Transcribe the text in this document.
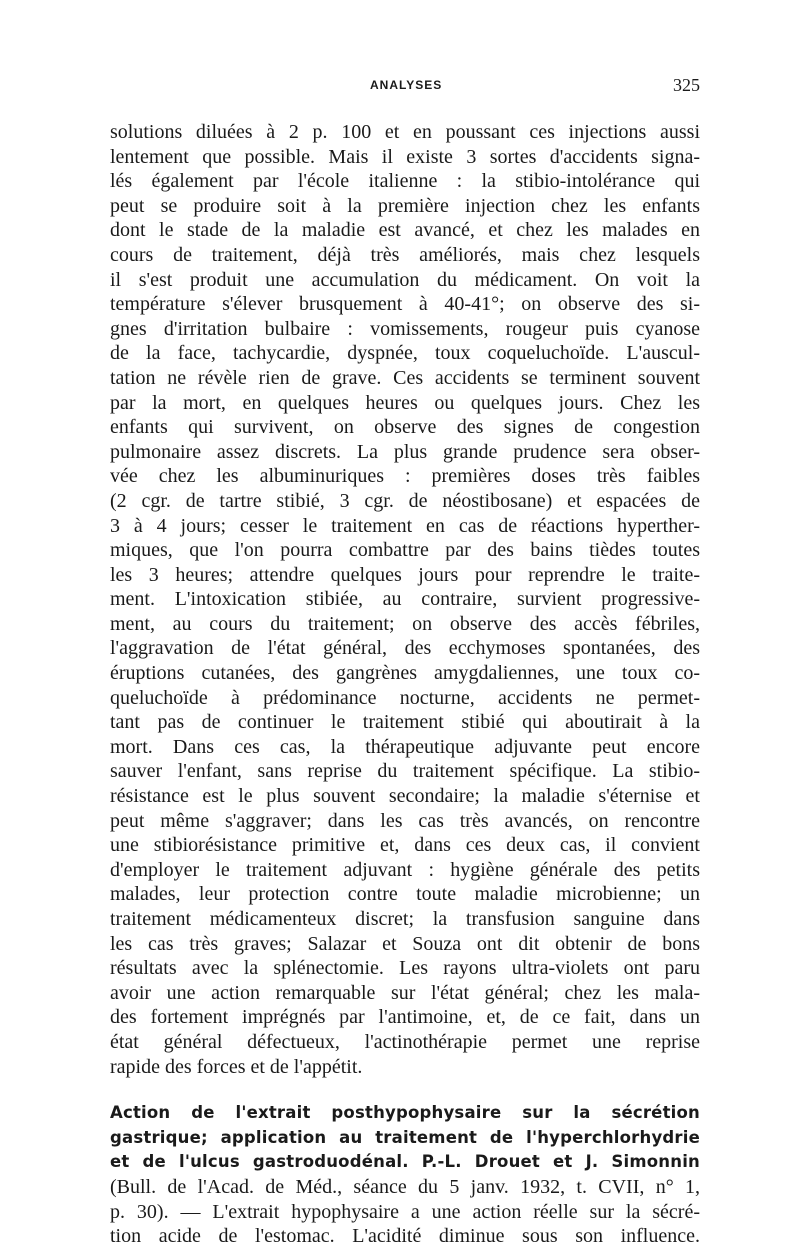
ANALYSES	325
solutions diluées à 2 p. 100 et en poussant ces injections aussi
lentement que possible. Mais il existe 3 sortes d'accidents signa-
lés également par l'école italienne : la stibio-intolérance qui
peut se produire soit à la première injection chez les enfants
dont le stade de la maladie est avancé, et chez les malades en
cours de traitement, déjà très améliorés, mais chez lesquels
il s'est produit une accumulation du médicament. On voit la
température s'élever brusquement à 40-41°; on observe des si-
gnes d'irritation bulbaire : vomissements, rougeur puis cyanose
de la face, tachycardie, dyspnée, toux coqueluchoïde. L'auscul-
tation ne révèle rien de grave. Ces accidents se terminent souvent
par la mort, en quelques heures ou quelques jours. Chez les
enfants qui survivent, on observe des signes de congestion
pulmonaire assez discrets. La plus grande prudence sera obser-
vée chez les albuminuriques : premières doses très faibles
(2 cgr. de tartre stibié, 3 cgr. de néostibosane) et espacées de
3 à 4 jours; cesser le traitement en cas de réactions hyperther-
miques, que l'on pourra combattre par des bains tièdes toutes
les 3 heures; attendre quelques jours pour reprendre le traite-
ment. L'intoxication stibiée, au contraire, survient progressive-
ment, au cours du traitement; on observe des accès fébriles,
l'aggravation de l'état général, des ecchymoses spontanées, des
éruptions cutanées, des gangrènes amygdaliennes, une toux co-
queluchoïde à prédominance nocturne, accidents ne permet-
tant pas de continuer le traitement stibié qui aboutirait à la
mort. Dans ces cas, la thérapeutique adjuvante peut encore
sauver l'enfant, sans reprise du traitement spécifique. La stibio-
résistance est le plus souvent secondaire; la maladie s'éternise et
peut même s'aggraver; dans les cas très avancés, on rencontre
une stibiorésistance primitive et, dans ces deux cas, il convient
d'employer le traitement adjuvant : hygiène générale des petits
malades, leur protection contre toute maladie microbienne; un
traitement médicamenteux discret; la transfusion sanguine dans
les cas très graves; Salazar et Souza ont dit obtenir de bons
résultats avec la splénectomie. Les rayons ultra-violets ont paru
avoir une action remarquable sur l'état général; chez les mala-
des fortement imprégnés par l'antimoine, et, de ce fait, dans un
état général défectueux, l'actinothérapie permet une reprise
rapide des forces et de l'appétit.
Action de l'extrait posthypophysaire sur la sécrétion
gastrique; application au traitement de l'hyperchlorhydrie
et de l'ulcus gastroduodénal. P.-L. Drouet et J. Simonnin
(Bull. de l'Acad. de Méd., séance du 5 janv. 1932, t. CVII, n° 1,
p. 30). — L'extrait hypophysaire a une action réelle sur la sécré-
tion acide de l'estomac. L'acidité diminue sous son influence.
